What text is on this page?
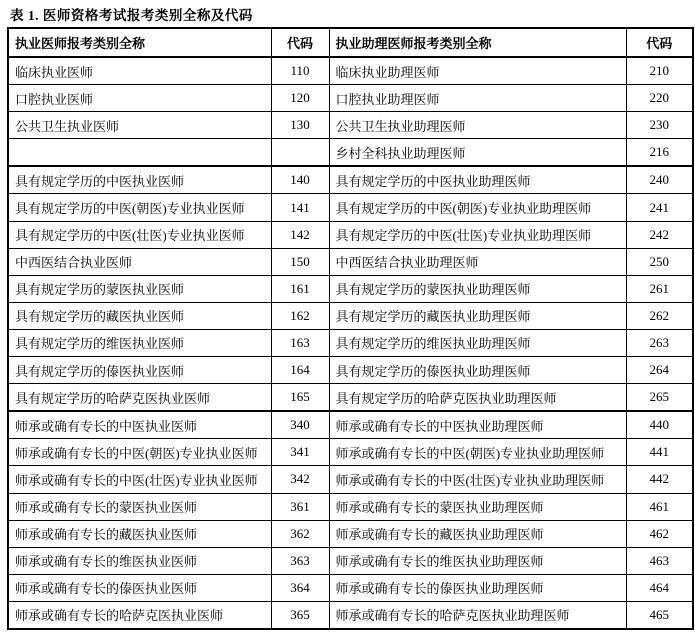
表 1. 医师资格考试报考类别全称及代码
执业医师报考类别全称	代码	执业助理医师报考类别全称	代码
临床执业医师	110	临床执业助理医师	210
口腔执业医师	120	口腔执业助理医师	220
公共卫生执业医师	130	公共卫生执业助理医师	230
		乡村全科执业助理医师	216
具有规定学历的中医执业医师	140	具有规定学历的中医执业助理医师	240
具有规定学历的中医(朝医)专业执业医师	141	具有规定学历的中医(朝医)专业执业助理医师	241
具有规定学历的中医(壮医)专业执业医师	142	具有规定学历的中医(壮医)专业执业助理医师	242
中西医结合执业医师	150	中西医结合执业助理医师	250
具有规定学历的蒙医执业医师	161	具有规定学历的蒙医执业助理医师	261
具有规定学历的藏医执业医师	162	具有规定学历的藏医执业助理医师	262
具有规定学历的维医执业医师	163	具有规定学历的维医执业助理医师	263
具有规定学历的傣医执业医师	164	具有规定学历的傣医执业助理医师	264
具有规定学历的哈萨克医执业医师	165	具有规定学历的哈萨克医执业助理医师	265
师承或确有专长的中医执业医师	340	师承或确有专长的中医执业助理医师	440
师承或确有专长的中医(朝医)专业执业医师	341	师承或确有专长的中医(朝医)专业执业助理医师	441
师承或确有专长的中医(壮医)专业执业医师	342	师承或确有专长的中医(壮医)专业执业助理医师	442
师承或确有专长的蒙医执业医师	361	师承或确有专长的蒙医执业助理医师	461
师承或确有专长的藏医执业医师	362	师承或确有专长的藏医执业助理医师	462
师承或确有专长的维医执业医师	363	师承或确有专长的维医执业助理医师	463
师承或确有专长的傣医执业医师	364	师承或确有专长的傣医执业助理医师	464
师承或确有专长的哈萨克医执业医师	365	师承或确有专长的哈萨克医执业助理医师	465
